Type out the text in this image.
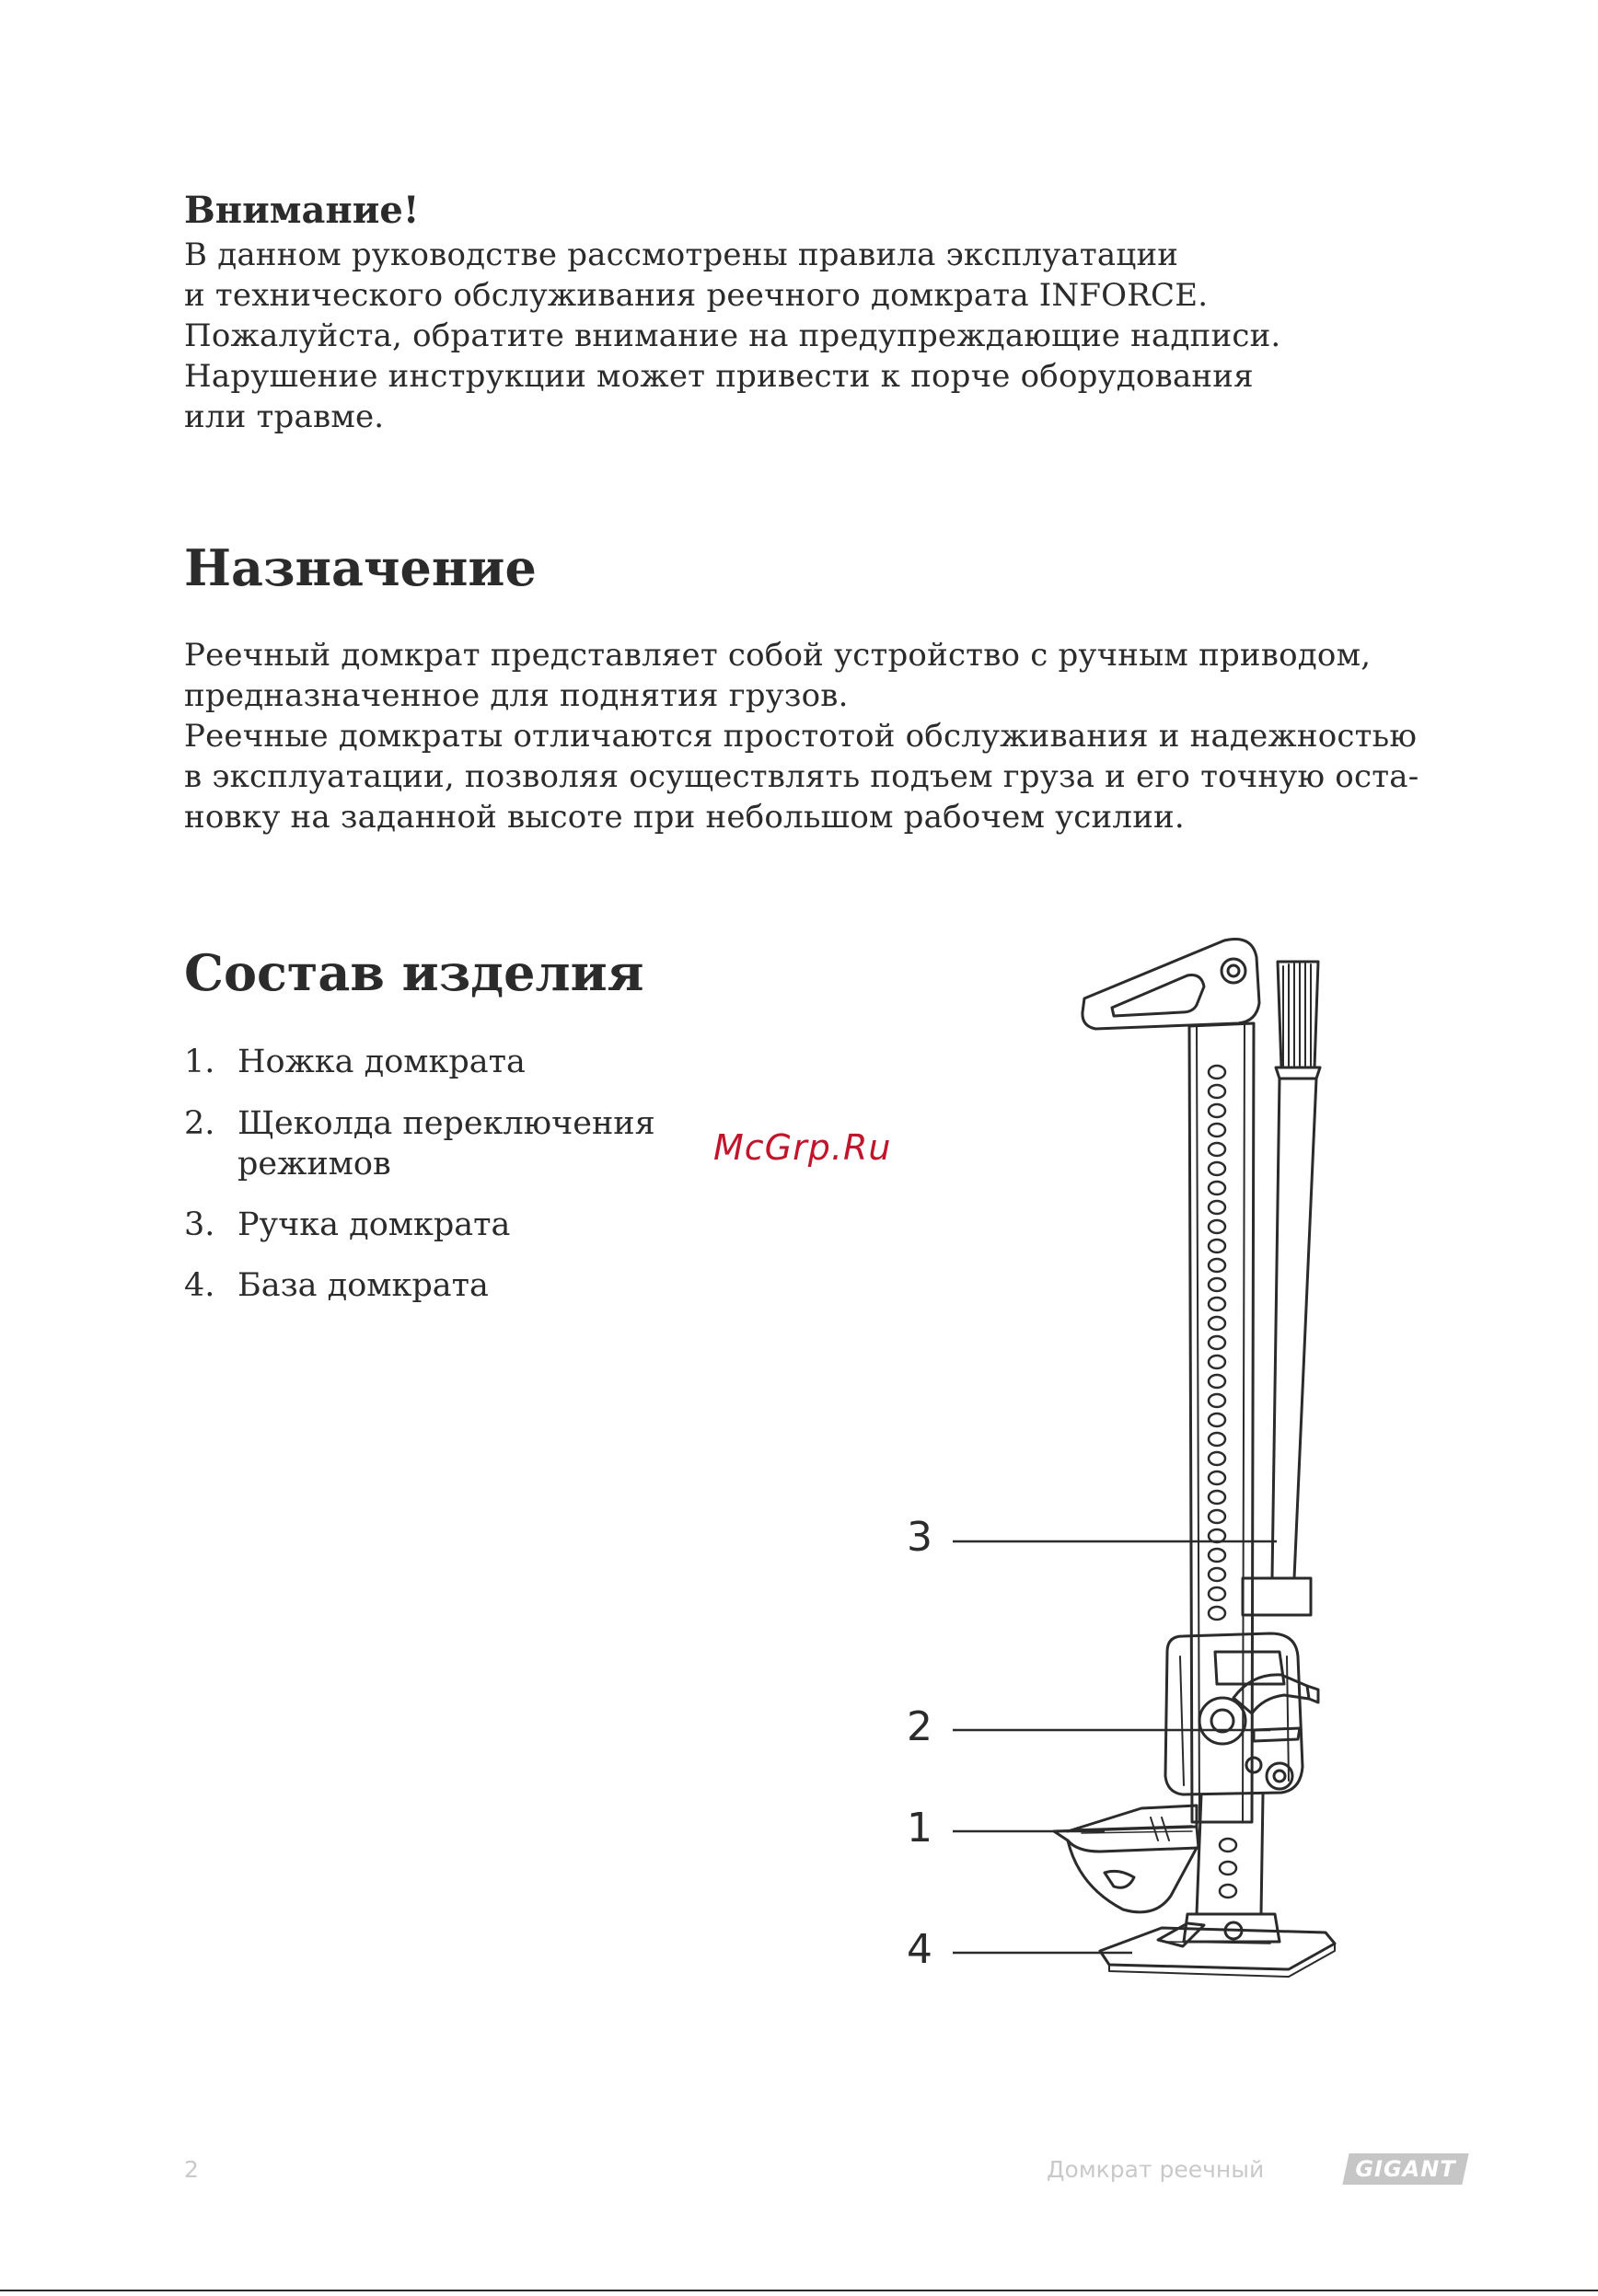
Внимание!
В данном руководстве рассмотрены правила эксплуатации
и технического обслуживания реечного домкрата INFORCE.
Пожалуйста, обратите внимание на предупреждающие надписи.
Нарушение инструкции может привести к порче оборудования
или травме.
Назначение
Реечный домкрат представляет собой устройство с ручным приводом,
предназначенное для поднятия грузов.
Реечные домкраты отличаются простотой обслуживания и надежностью
в эксплуатации, позволяя осуществлять подъем груза и его точную оста-
новку на заданной высоте при небольшом рабочем усилии.
Состав изделия
1. Ножка домкрата
2. Щеколда переключения
режимов
3. Ручка домкрата
4. База домкрата
McGrp.Ru
3
2
1
4
2	Домкрат реечный	GIGANT
